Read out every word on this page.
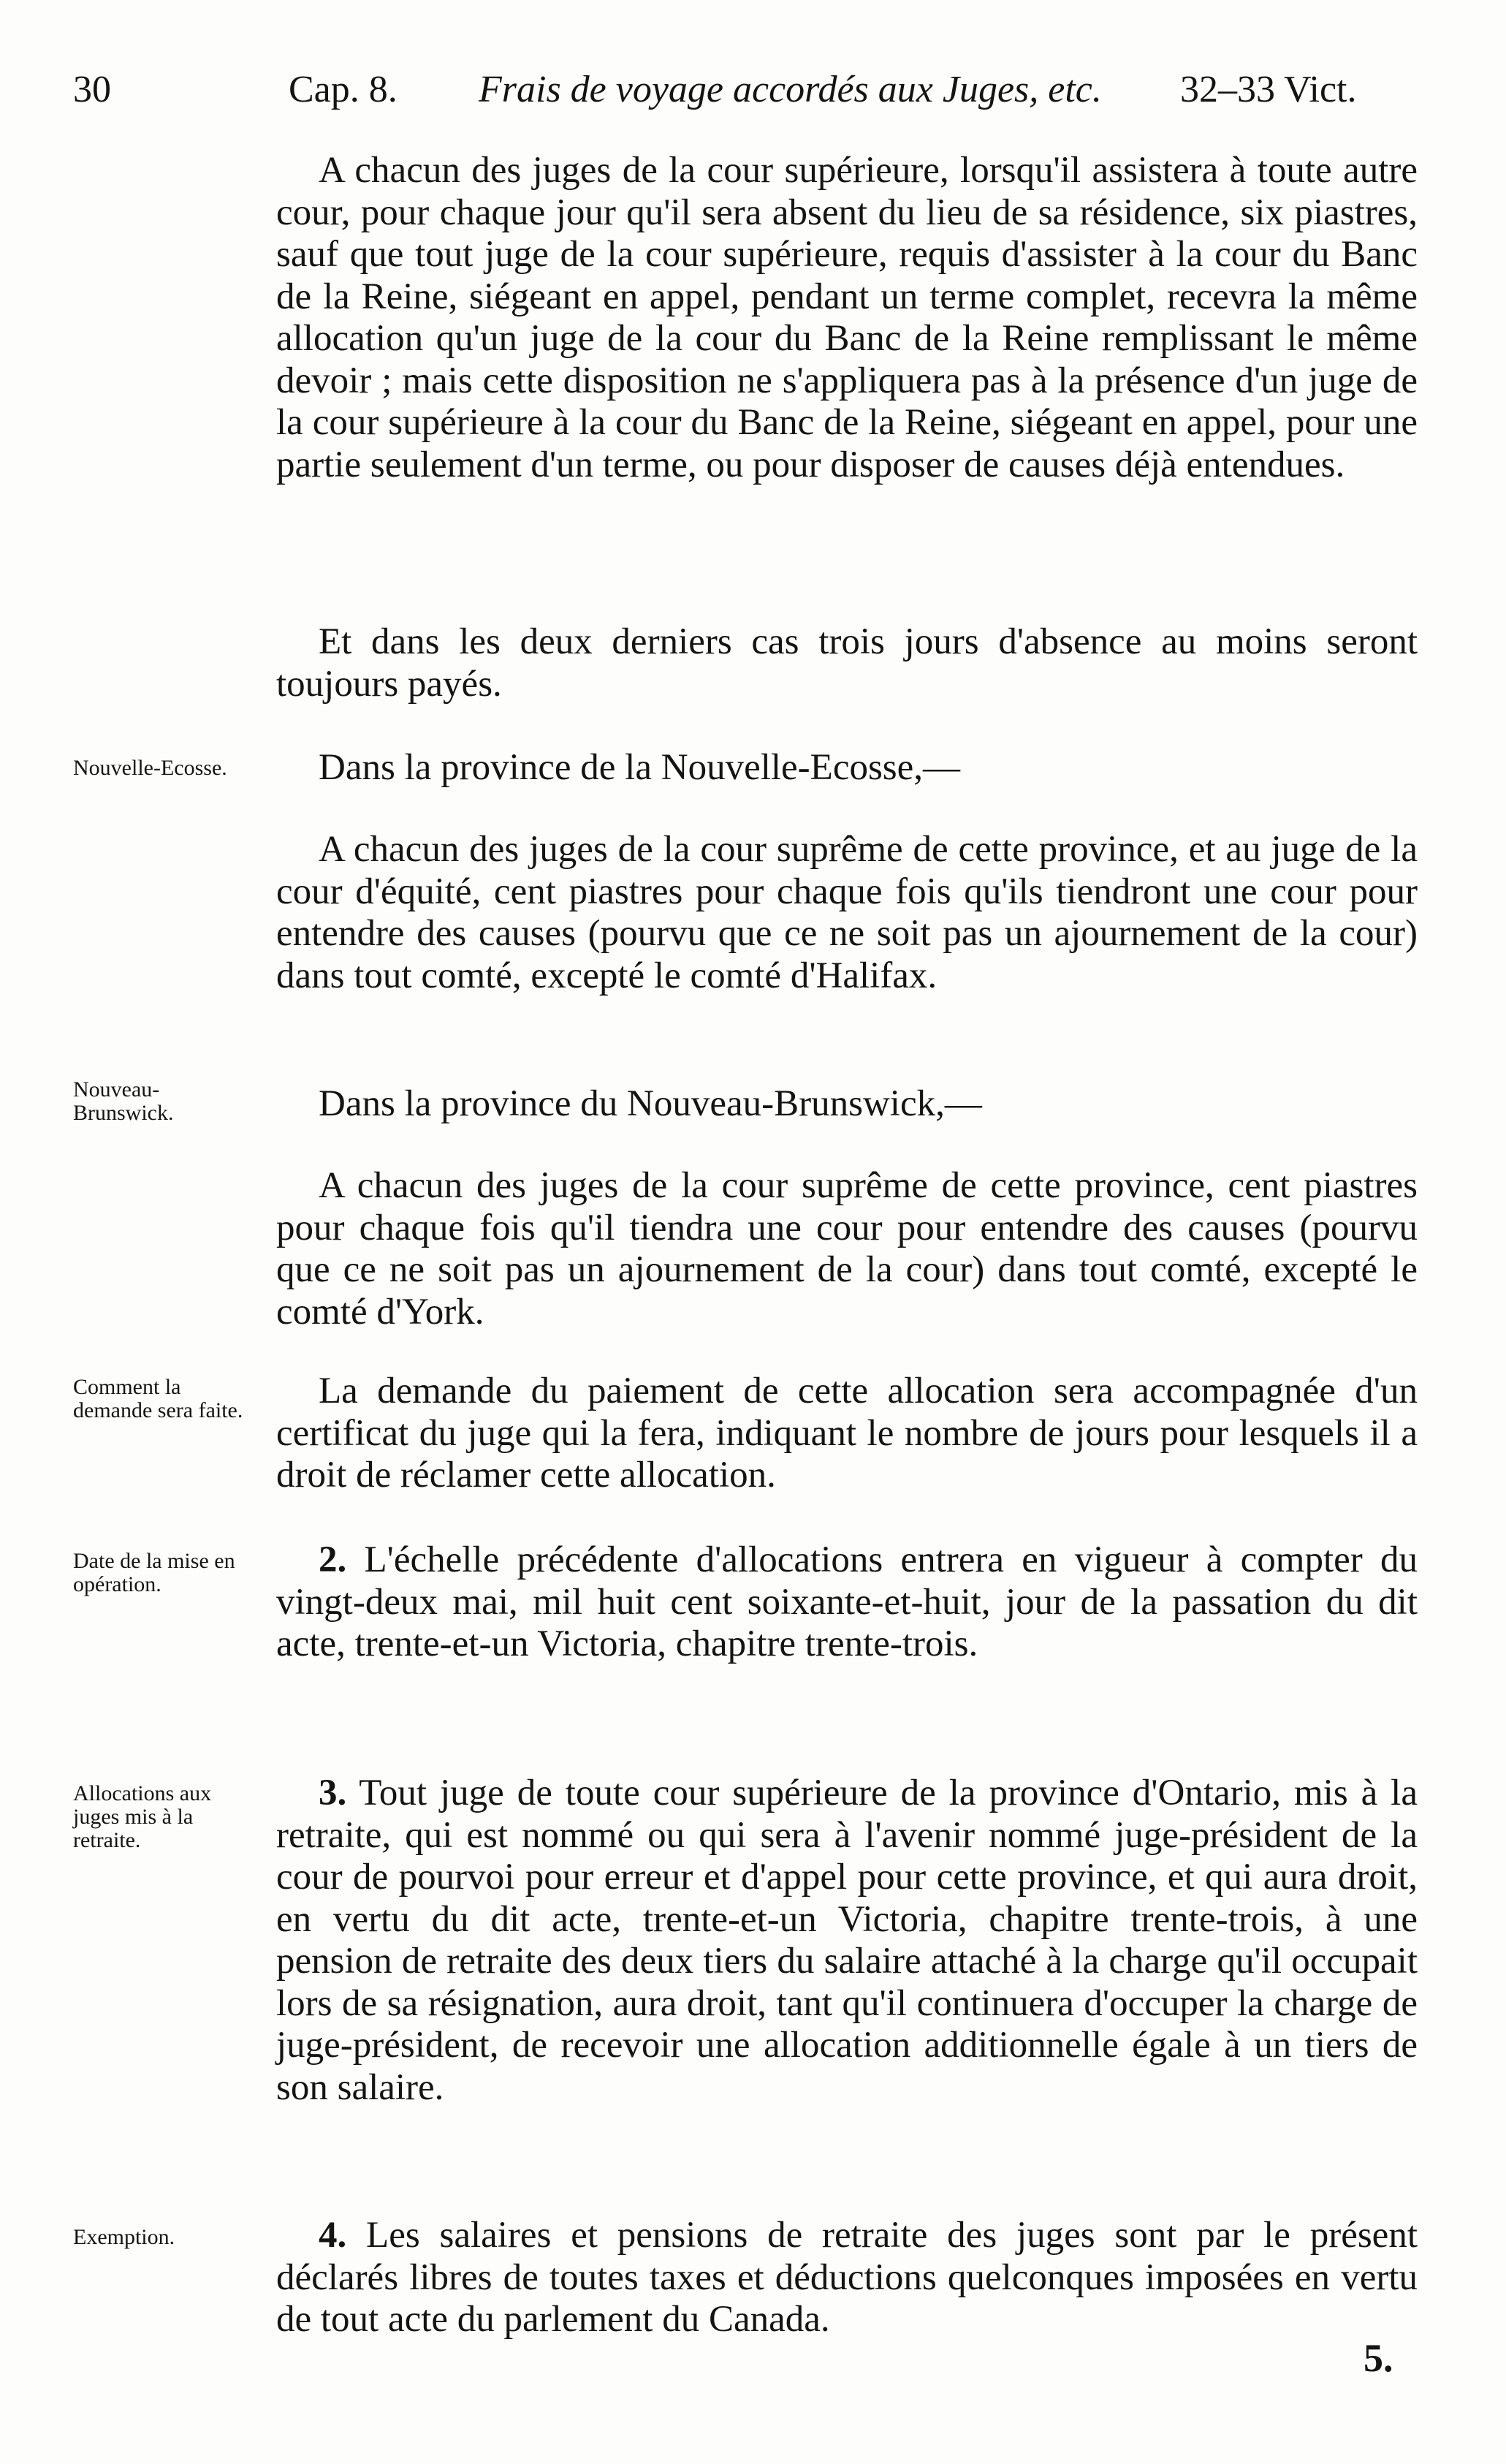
30	Cap. 8. Frais de voyage accordés aux Juges, etc. 32–33 Vict.

A chacun des juges de la cour supérieure, lorsqu'il assistera à toute autre cour, pour chaque jour qu'il sera absent du lieu de sa résidence, six piastres, sauf que tout juge de la cour supérieure, requis d'assister à la cour du Banc de la Reine, siégeant en appel, pendant un terme complet, recevra la même allocation qu'un juge de la cour du Banc de la Reine remplissant le même devoir ; mais cette disposition ne s'appliquera pas à la présence d'un juge de la cour supérieure à la cour du Banc de la Reine, siégeant en appel, pour une partie seulement d'un terme, ou pour disposer de causes déjà entendues.

Et dans les deux derniers cas trois jours d'absence au moins seront toujours payés.

Nouvelle-Ecosse.	Dans la province de la Nouvelle-Ecosse,—

A chacun des juges de la cour suprême de cette province, et au juge de la cour d'équité, cent piastres pour chaque fois qu'ils tiendront une cour pour entendre des causes (pourvu que ce ne soit pas un ajournement de la cour) dans tout comté, excepté le comté d'Halifax.

Nouveau-Brunswick.	Dans la province du Nouveau-Brunswick,—

A chacun des juges de la cour suprême de cette province, cent piastres pour chaque fois qu'il tiendra une cour pour entendre des causes (pourvu que ce ne soit pas un ajournement de la cour) dans tout comté, excepté le comté d'York.

Comment la demande sera faite.	La demande du paiement de cette allocation sera accompagnée d'un certificat du juge qui la fera, indiquant le nombre de jours pour lesquels il a droit de réclamer cette allocation.

Date de la mise en opération.

2. L'échelle précédente d'allocations entrera en vigueur à compter du vingt-deux mai, mil huit cent soixante-et-huit, jour de la passation du dit acte, trente-et-un Victoria, chapitre trente-trois.

Allocations aux juges mis à la retraite.

3. Tout juge de toute cour supérieure de la province d'Ontario, mis à la retraite, qui est nommé ou qui sera à l'avenir nommé juge-président de la cour de pourvoi pour erreur et d'appel pour cette province, et qui aura droit, en vertu du dit acte, trente-et-un Victoria, chapitre trente-trois, à une pension de retraite des deux tiers du salaire attaché à la charge qu'il occupait lors de sa résignation, aura droit, tant qu'il continuera d'occuper la charge de juge-président, de recevoir une allocation additionnelle égale à un tiers de son salaire.

Exemption.	4. Les salaires et pensions de retraite des juges sont par le présent déclarés libres de toutes taxes et déductions quelconques imposées en vertu de tout acte du parlement du Canada.

5.
